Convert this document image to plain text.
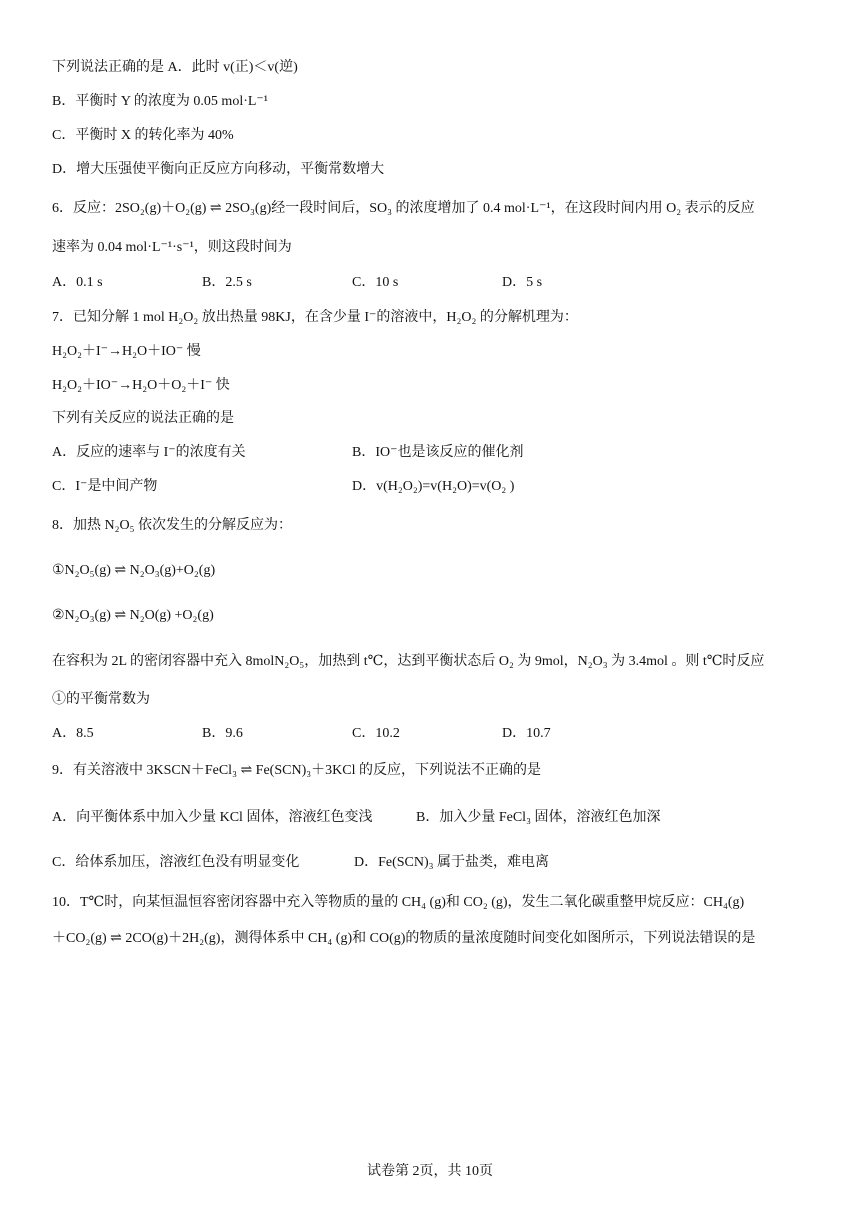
下列说法正确的是 A．此时 v(正)＜v(逆)
B．平衡时 Y 的浓度为 0.05 mol·L⁻¹
C．平衡时 X 的转化率为 40%
D．增大压强使平衡向正反应方向移动，平衡常数增大
6．反应：2SO₂(g)＋O₂(g) ⇌ 2SO₃(g)经一段时间后，SO₃ 的浓度增加了 0.4 mol·L⁻¹，在这段时间内用 O₂ 表示的反应
速率为 0.04 mol·L⁻¹·s⁻¹，则这段时间为
A．0.1 s	B．2.5 s	C．10 s	D．5 s
7．已知分解 1 mol H₂O₂ 放出热量 98KJ，在含少量 I⁻的溶液中，H₂O₂ 的分解机理为：
H₂O₂＋I⁻→H₂O＋IO⁻ 慢
H₂O₂＋IO⁻→H₂O＋O₂＋I⁻ 快
下列有关反应的说法正确的是
A．反应的速率与 I⁻的浓度有关	B．IO⁻也是该反应的催化剂
C．I⁻是中间产物	D．v(H₂O₂)=v(H₂O)=v(O₂ )
8．加热 N₂O₅ 依次发生的分解反应为：
①N₂O₅(g) ⇌ N₂O₃(g)+O₂(g)
②N₂O₃(g) ⇌ N₂O(g) +O₂(g)
在容积为 2L 的密闭容器中充入 8molN₂O₅，加热到 t℃，达到平衡状态后 O₂ 为 9mol，N₂O₃ 为 3.4mol 。则 t℃时反应
①的平衡常数为
A．8.5	B．9.6	C．10.2	D．10.7
9．有关溶液中 3KSCN＋FeCl₃ ⇌ Fe(SCN)₃＋3KCl 的反应，下列说法不正确的是
A．向平衡体系中加入少量 KCl 固体，溶液红色变浅	B．加入少量 FeCl₃ 固体，溶液红色加深
C．给体系加压，溶液红色没有明显变化	D．Fe(SCN)₃ 属于盐类，难电离
10．T℃时，向某恒温恒容密闭容器中充入等物质的量的 CH₄ (g)和 CO₂ (g)，发生二氧化碳重整甲烷反应：CH₄(g)
＋CO₂(g) ⇌ 2CO(g)＋2H₂(g)，测得体系中 CH₄ (g)和 CO(g)的物质的量浓度随时间变化如图所示，下列说法错误的是
试卷第 2页，共 10页
